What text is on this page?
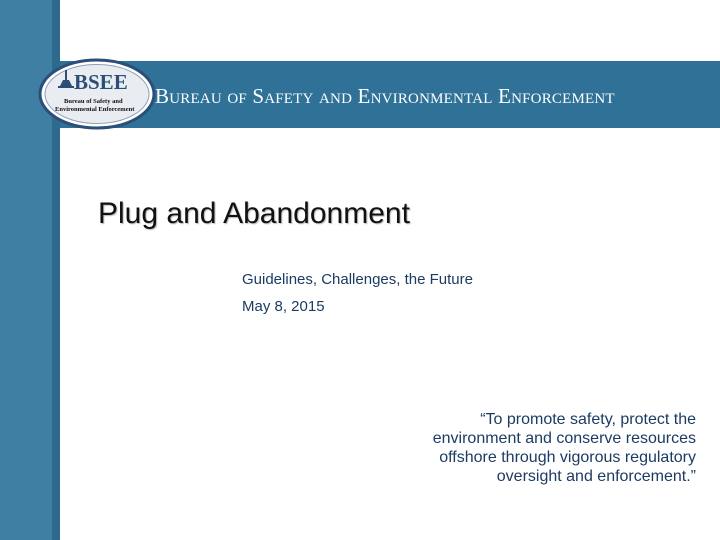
BSEE
Bureau of Safety and
Environmental Enforcement
Bureau of Safety and Environmental Enforcement
Plug and Abandonment
Guidelines, Challenges, the Future
May 8, 2015
“To promote safety, protect the
environment and conserve resources
offshore through vigorous regulatory
oversight and enforcement.”
